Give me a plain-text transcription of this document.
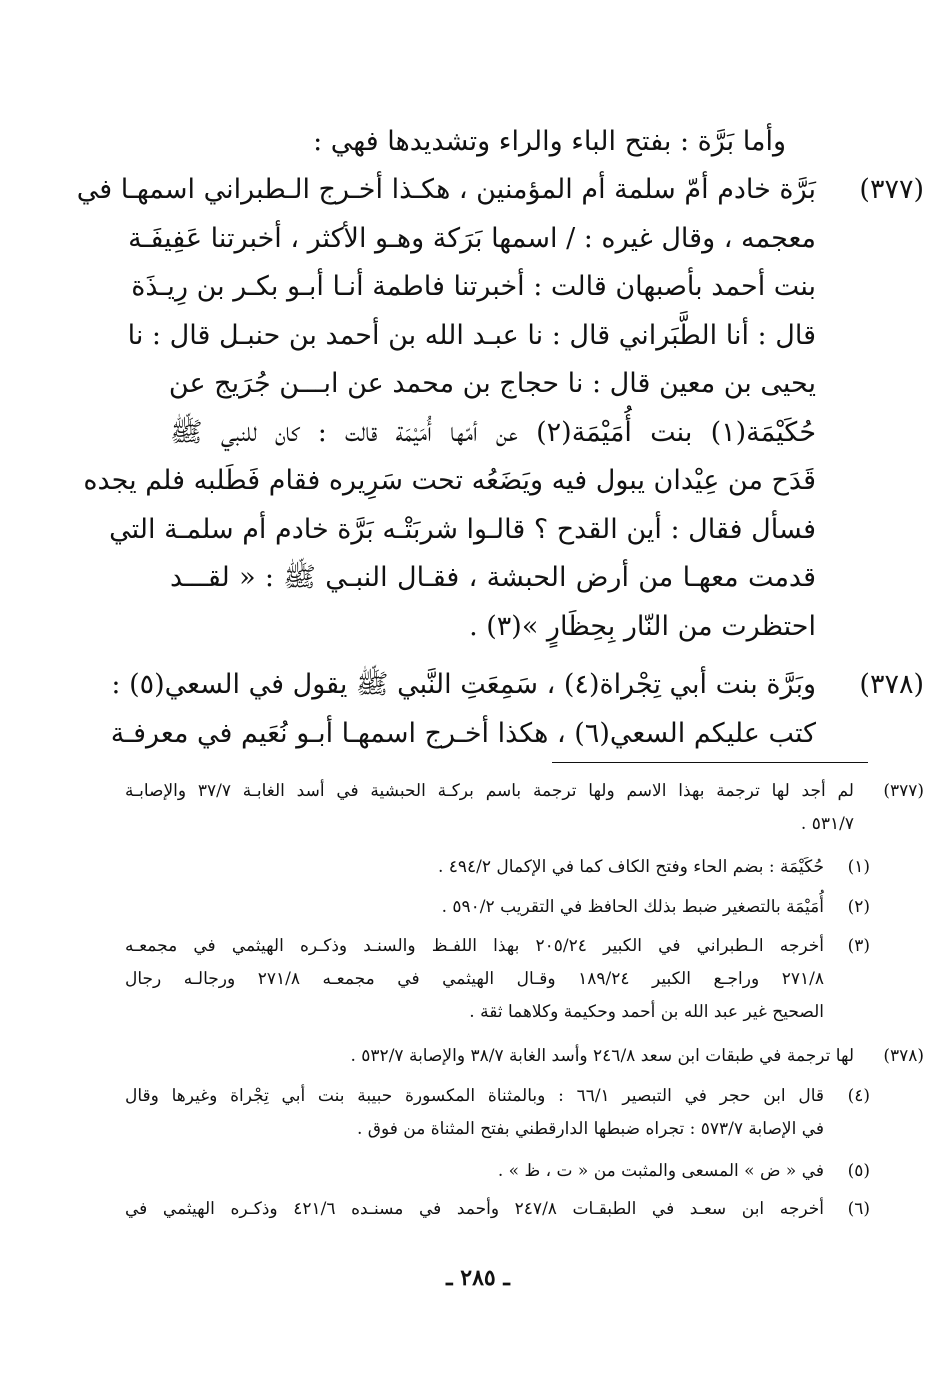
وأما بَرَّة : بفتح الباء والراء وتشديدها فهي :
(٣٧٧)
بَرَّة خادم أمّ سلمة أم المؤمنين ، هكـذا أخـرج الـطبراني اسمهـا في
معجمه ، وقال غيره : / اسمها بَرَكة وهـو الأكثر ، أخبرتنا عَفِيفَـة
بنت أحمد بأصبهان قالت : أخبرتنا فاطمة أنـا أبـو بكـر بن رِيـذَة
قال : أنا الطَّبَراني قال : نا عبـد الله بن أحمد بن حنبـل قال : نا
يحيى بن معين قال : نا حجاج بن محمد عن ابـــن جُرَيج عن
حُكَيْمَة(١) بنت أُمَيْمَة(٢) عن أمّها أُمَيْمَة قالت : كان للنبي ﷺ
قَدَح من عِيْدان يبول فيه ويَضَعُه تحت سَرِيره فقام فَطَلبه فلم يجده
فسأل فقال : أين القدح ؟ قالـوا شربَتْـه بَرَّة خادم أم سلمـة التي
قدمت معهـا من أرض الحبشة ، فقـال النبـي ﷺ : « لقـــد
احتظرت من النّار بِحِظَارٍ »(٣) .
(٣٧٨)
وبَرَّة بنت أبي تِجْراة(٤) ، سَمِعَتِ النَّبي ﷺ يقول في السعي(٥) :
كتب عليكم السعي(٦) ، هكذا أخـرج اسمهـا أبـو نُعَيم في معرفـة
(٣٧٧)
لم أجد لها ترجمة بهذا الاسم ولها ترجمة باسم بركـة الحبشية في أسد الغابـة ٣٧/٧ والإصابـة
٥٣١/٧ .
(١)
حُكَيْمَة : بضم الحاء وفتح الكاف كما في الإكمال ٤٩٤/٢ .
(٢)
أُمَيْمَة بالتصغير ضبط بذلك الحافظ في التقريب ٥٩٠/٢ .
(٣)
أخرجه الـطبراني في الكبير ٢٠٥/٢٤ بهذا اللفـظ والسنـد وذكـره الهيثمي في مجمعـه
٢٧١/٨ وراجـع الكبير ١٨٩/٢٤ وقـال الهيثمي في مجمعـه ٢٧١/٨ ورجالـه رجال
الصحيح غير عبد الله بن أحمد وحكيمة وكلاهما ثقة .
(٣٧٨)
لها ترجمة في طبقات ابن سعد ٢٤٦/٨ وأسد الغابة ٣٨/٧ والإصابة ٥٣٢/٧ .
(٤)
قال ابن حجر في التبصير ٦٦/١ : وبالمثناة المكسورة حبيبة بنت أبي تِجْراة وغيرها وقال
في الإصابة ٥٧٣/٧ : تجراه ضبطها الدارقطني بفتح المثناة من فوق .
(٥)
في « ض » المسعى والمثبت من « ت ، ظ » .
(٦)
أخرجه ابن سعـد في الطبقـات ٢٤٧/٨ وأحمد في مسنـده ٤٢١/٦ وذكـره الهيثمي في
ـ ٢٨٥ ـ
